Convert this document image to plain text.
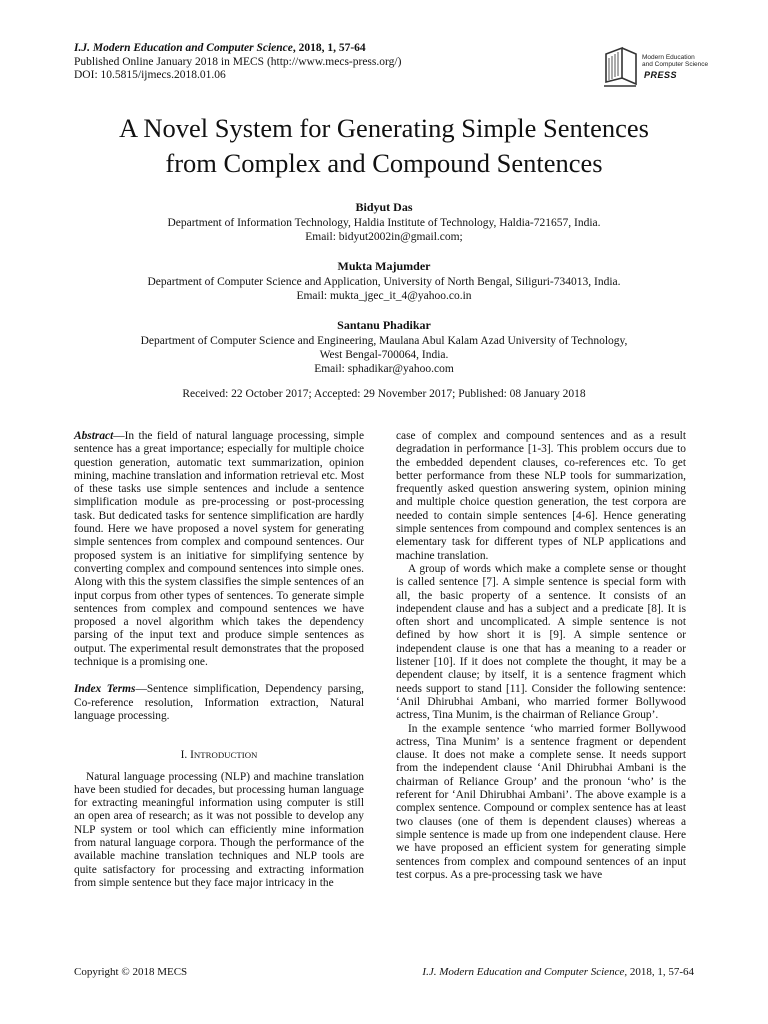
I.J. Modern Education and Computer Science, 2018, 1, 57-64
Published Online January 2018 in MECS (http://www.mecs-press.org/)
DOI: 10.5815/ijmecs.2018.01.06
Modern Education
and Computer Science
PRESS
A Novel System for Generating Simple Sentences
from Complex and Compound Sentences
Bidyut Das
Department of Information Technology, Haldia Institute of Technology, Haldia-721657, India.
Email: bidyut2002in@gmail.com;
Mukta Majumder
Department of Computer Science and Application, University of North Bengal, Siliguri-734013, India.
Email: mukta_jgec_it_4@yahoo.co.in
Santanu Phadikar
Department of Computer Science and Engineering, Maulana Abul Kalam Azad University of Technology,
West Bengal-700064, India.
Email: sphadikar@yahoo.com
Received: 22 October 2017; Accepted: 29 November 2017; Published: 08 January 2018

Abstract—In the field of natural language processing, simple sentence has a great importance; especially for multiple choice question generation, automatic text summarization, opinion mining, machine translation and information retrieval etc. Most of these tasks use simple sentences and include a sentence simplification module as pre-processing or post-processing task. But dedicated tasks for sentence simplification are hardly found. Here we have proposed a novel system for generating simple sentences from complex and compound sentences. Our proposed system is an initiative for simplifying sentence by converting complex and compound sentences into simple ones. Along with this the system classifies the simple sentences of an input corpus from other types of sentences. To generate simple sentences from complex and compound sentences we have proposed a novel algorithm which takes the dependency parsing of the input text and produce simple sentences as output. The experimental result demonstrates that the proposed technique is a promising one.

Index Terms—Sentence simplification, Dependency parsing, Co-reference resolution, Information extraction, Natural language processing.

I. INTRODUCTION

Natural language processing (NLP) and machine translation have been studied for decades, but processing human language for extracting meaningful information using computer is still an open area of research; as it was not possible to develop any NLP system or tool which can efficiently mine information from natural language corpora. Though the performance of the available machine translation techniques and NLP tools are quite satisfactory for processing and extracting information from simple sentence but they face major intricacy in the

case of complex and compound sentences and as a result degradation in performance [1-3]. This problem occurs due to the embedded dependent clauses, co-references etc. To get better performance from these NLP tools for summarization, frequently asked question answering system, opinion mining and multiple choice question generation, the test corpora are needed to contain simple sentences [4-6]. Hence generating simple sentences from compound and complex sentences is an elementary task for different types of NLP applications and machine translation.

A group of words which make a complete sense or thought is called sentence [7]. A simple sentence is special form with all, the basic property of a sentence. It consists of an independent clause and has a subject and a predicate [8]. It is often short and uncomplicated. A simple sentence is not defined by how short it is [9]. A simple sentence or independent clause is one that has a meaning to a reader or listener [10]. If it does not complete the thought, it may be a dependent clause; by itself, it is a sentence fragment which needs support to stand [11]. Consider the following sentence: ‘Anil Dhirubhai Ambani, who married former Bollywood actress, Tina Munim, is the chairman of Reliance Group’.

In the example sentence ‘who married former Bollywood actress, Tina Munim’ is a sentence fragment or dependent clause. It does not make a complete sense. It needs support from the independent clause ‘Anil Dhirubhai Ambani is the chairman of Reliance Group’ and the pronoun ‘who’ is the referent for ‘Anil Dhirubhai Ambani’. The above example is a complex sentence. Compound or complex sentence has at least two clauses (one of them is dependent clauses) whereas a simple sentence is made up from one independent clause. Here we have proposed an efficient system for generating simple sentences from complex and compound sentences of an input test corpus. As a pre-processing task we have

Copyright © 2018 MECS	I.J. Modern Education and Computer Science, 2018, 1, 57-64
